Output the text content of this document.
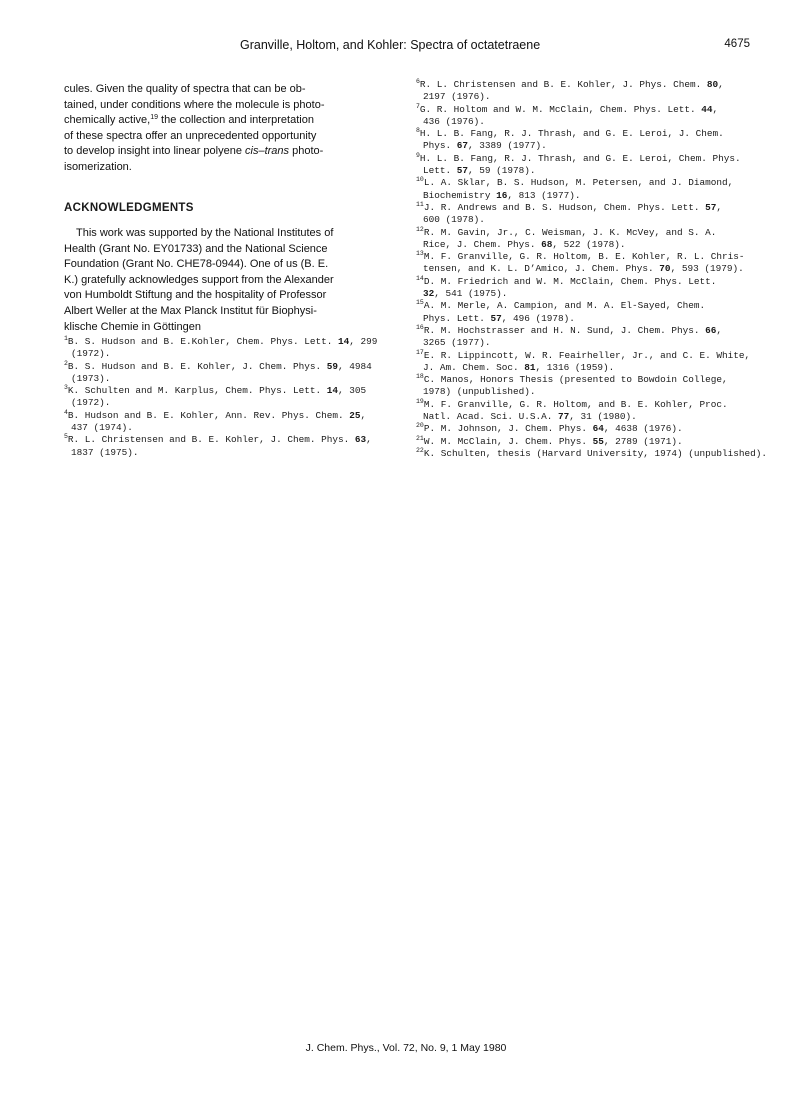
Granville, Holtom, and Kohler: Spectra of octatetraene	4675

cules. Given the quality of spectra that can be ob-
tained, under conditions where the molecule is photo-
chemically active,$^{19}$ the collection and interpretation
of these spectra offer an unprecedented opportunity
to develop insight into linear polyene cis–trans photo-
isomerization.

ACKNOWLEDGMENTS

This work was supported by the National Institutes of
Health (Grant No. EY01733) and the National Science
Foundation (Grant No. CHE78-0944). One of us (B. E.
K.) gratefully acknowledges support from the Alexander
von Humboldt Stiftung and the hospitality of Professor
Albert Weller at the Max Planck Institut für Biophysi-
klische Chemie in Göttingen

$^1$B. S. Hudson and B. E.Kohler, Chem. Phys. Lett. 14, 299
(1972).
$^2$B. S. Hudson and B. E. Kohler, J. Chem. Phys. 59, 4984
(1973).
$^3$K. Schulten and M. Karplus, Chem. Phys. Lett. 14, 305
(1972).
$^4$B. Hudson and B. E. Kohler, Ann. Rev. Phys. Chem. 25,
437 (1974).
$^5$R. L. Christensen and B. E. Kohler, J. Chem. Phys. 63,
1837 (1975).
$^6$R. L. Christensen and B. E. Kohler, J. Phys. Chem. 80,
2197 (1976).
$^7$G. R. Holtom and W. M. McClain, Chem. Phys. Lett. 44,
436 (1976).
$^8$H. L. B. Fang, R. J. Thrash, and G. E. Leroi, J. Chem.
Phys. 67, 3389 (1977).
$^9$H. L. B. Fang, R. J. Thrash, and G. E. Leroi, Chem. Phys.
Lett. 57, 59 (1978).
$^{10}$L. A. Sklar, B. S. Hudson, M. Petersen, and J. Diamond,
Biochemistry 16, 813 (1977).
$^{11}$J. R. Andrews and B. S. Hudson, Chem. Phys. Lett. 57,
600 (1978).
$^{12}$R. M. Gavin, Jr., C. Weisman, J. K. McVey, and S. A.
Rice, J. Chem. Phys. 68, 522 (1978).
$^{13}$M. F. Granville, G. R. Holtom, B. E. Kohler, R. L. Chris-
tensen, and K. L. D’Amico, J. Chem. Phys. 70, 593 (1979).
$^{14}$D. M. Friedrich and W. M. McClain, Chem. Phys. Lett.
32, 541 (1975).
$^{15}$A. M. Merle, A. Campion, and M. A. El-Sayed, Chem.
Phys. Lett. 57, 496 (1978).
$^{16}$R. M. Hochstrasser and H. N. Sund, J. Chem. Phys. 66,
3265 (1977).
$^{17}$E. R. Lippincott, W. R. Feairheller, Jr., and C. E. White,
J. Am. Chem. Soc. 81, 1316 (1959).
$^{18}$C. Manos, Honors Thesis (presented to Bowdoin College,
1978) (unpublished).
$^{19}$M. F. Granville, G. R. Holtom, and B. E. Kohler, Proc.
Natl. Acad. Sci. U.S.A. 77, 31 (1980).
$^{20}$P. M. Johnson, J. Chem. Phys. 64, 4638 (1976).
$^{21}$W. M. McClain, J. Chem. Phys. 55, 2789 (1971).
$^{22}$K. Schulten, thesis (Harvard University, 1974) (unpublished).
J. Chem. Phys., Vol. 72, No. 9, 1 May 1980
